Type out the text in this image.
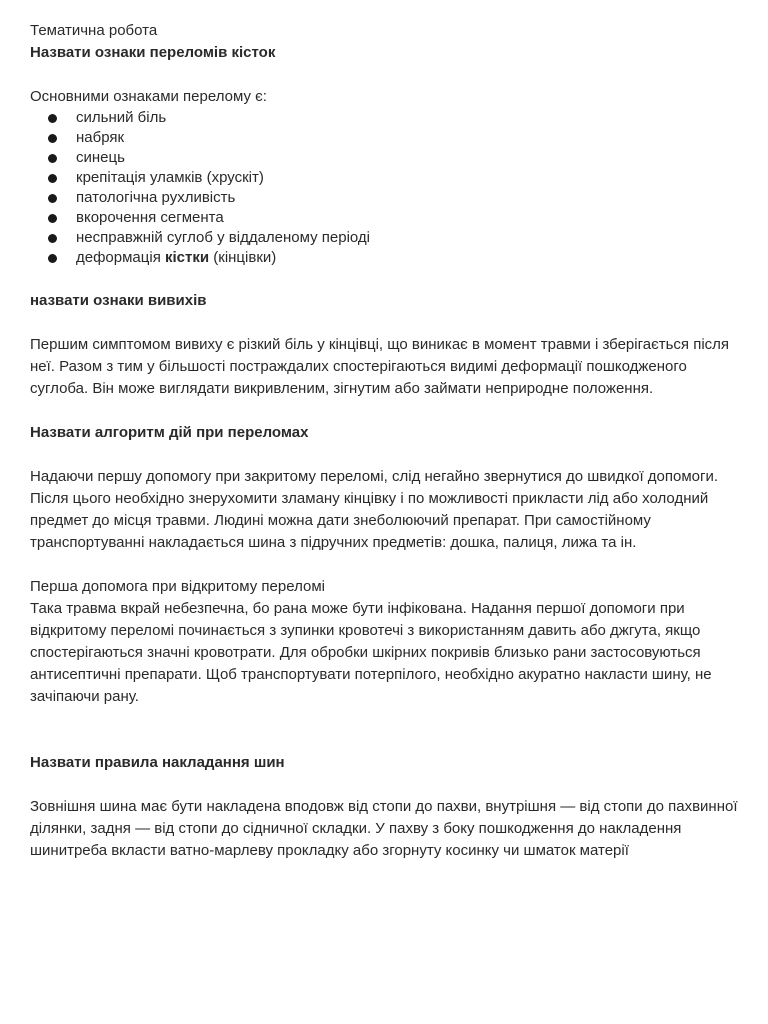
Тематична робота

Назвати ознаки переломів кісток

Основними ознаками перелому є:

сильний біль
набряк
синець
крепітація уламків (хрускіт)
патологічна рухливість
вкорочення сегмента
несправжній суглоб у віддаленому періоді
деформація кістки (кінцівки)

назвати ознаки вивихів

Першим симптомом вивиху є різкий біль у кінцівці, що виникає в момент травми і зберігається після неї. Разом з тим у більшості постраждалих спостерігаються видимі деформації пошкодженого суглоба. Він може виглядати викривленим, зігнутим або займати неприродне положення.

Назвати алгоритм дій при переломах

Надаючи першу допомогу при закритому переломі, слід негайно звернутися до швидкої допомоги. Після цього необхідно знерухомити зламану кінцівку і по можливості прикласти лід або холодний предмет до місця травми. Людині можна дати знеболюючий препарат. При самостійному транспортуванні накладається шина з підручних предметів: дошка, палиця, лижа та ін.

Перша допомога при відкритому переломі

Така травма вкрай небезпечна, бо рана може бути інфікована. Надання першої допомоги при відкритому переломі починається з зупинки кровотечі з використанням давить або джгута, якщо спостерігаються значні кровотрати. Для обробки шкірних покривів близько рани застосовуються антисептичні препарати. Щоб транспортувати потерпілого, необхідно акуратно накласти шину, не зачіпаючи рану.

Назвати правила накладання шин

Зовнішня шина має бути накладена вподовж від стопи до пахви, внутрішня — від стопи до пахвинної ділянки, задня — від стопи до сідничної складки. У пахву з боку пошкодження до накладення шинитреба вкласти ватно-марлеву прокладку або згорнуту косинку чи шматок матерії
